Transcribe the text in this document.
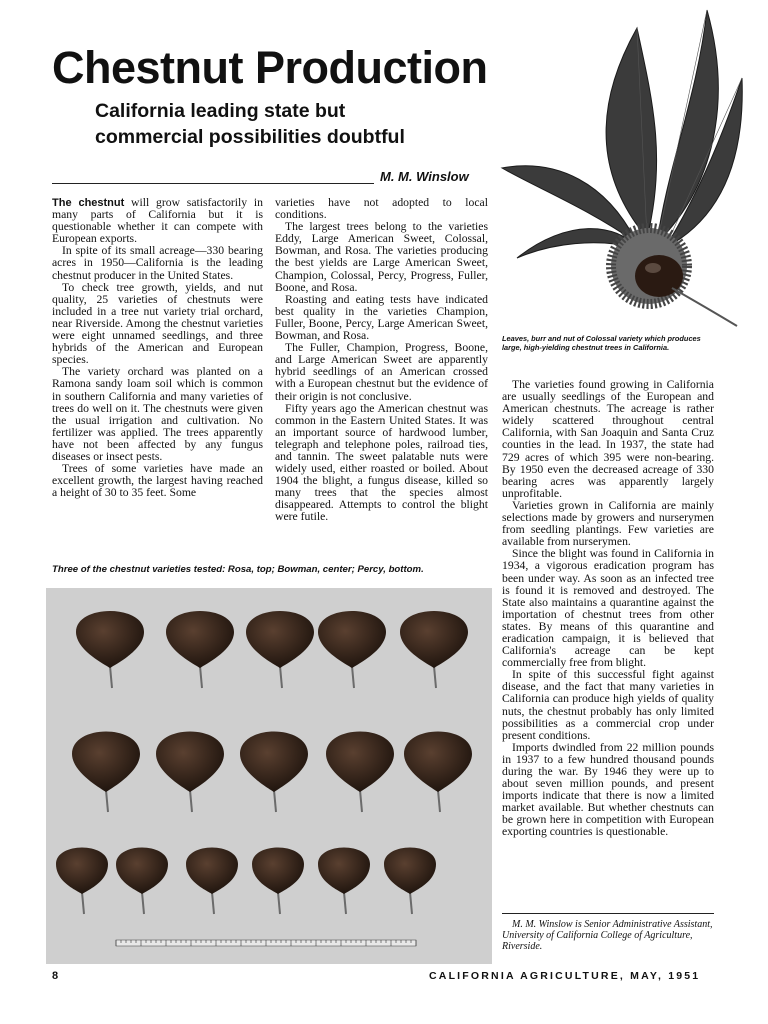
Chestnut Production
California leading state but
commercial possibilities doubtful
M. M. Winslow

The chestnut will grow satisfactorily in many parts of California but it is questionable whether it can compete with European exports.

In spite of its small acreage—330 bearing acres in 1950—California is the leading chestnut producer in the United States.

To check tree growth, yields, and nut quality, 25 varieties of chestnuts were included in a tree nut variety trial orchard, near Riverside. Among the chestnut varieties were eight unnamed seedlings, and three hybrids of the American and European species.

The variety orchard was planted on a Ramona sandy loam soil which is common in southern California and many varieties of trees do well on it. The chestnuts were given the usual irrigation and cultivation. No fertilizer was applied. The trees apparently have not been affected by any fungus diseases or insect pests.

Trees of some varieties have made an excellent growth, the largest having reached a height of 30 to 35 feet. Some

varieties have not adopted to local conditions.

The largest trees belong to the varieties Eddy, Large American Sweet, Colossal, Bowman, and Rosa. The varieties producing the best yields are Large American Sweet, Champion, Colossal, Percy, Progress, Fuller, Boone, and Rosa.

Roasting and eating tests have indicated best quality in the varieties Champion, Fuller, Boone, Percy, Large American Sweet, Bowman, and Rosa.

The Fuller, Champion, Progress, Boone, and Large American Sweet are apparently hybrid seedlings of an American crossed with a European chestnut but the evidence of their origin is not conclusive.

Fifty years ago the American chestnut was common in the Eastern United States. It was an important source of hardwood lumber, telegraph and telephone poles, railroad ties, and tannin. The sweet palatable nuts were widely used, either roasted or boiled. About 1904 the blight, a fungus disease, killed so many trees that the species almost disappeared. Attempts to control the blight were futile.

Leaves, burr and nut of Colossal variety which produces large, high-yielding chestnut trees in California.

The varieties found growing in California are usually seedlings of the European and American chestnuts. The acreage is rather widely scattered throughout central California, with San Joaquin and Santa Cruz counties in the lead. In 1937, the state had 729 acres of which 395 were non-bearing. By 1950 even the decreased acreage of 330 bearing acres was apparently largely unprofitable.

Varieties grown in California are mainly selections made by growers and nurserymen from seedling plantings. Few varieties are available from nurserymen.

Since the blight was found in California in 1934, a vigorous eradication program has been under way. As soon as an infected tree is found it is removed and destroyed. The State also maintains a quarantine against the importation of chestnut trees from other states. By means of this quarantine and eradication campaign, it is believed that California's acreage can be kept commercially free from blight.

In spite of this successful fight against disease, and the fact that many varieties in California can produce high yields of quality nuts, the chestnut probably has only limited possibilities as a commercial crop under present conditions.

Imports dwindled from 22 million pounds in 1937 to a few hundred thousand pounds during the war. By 1946 they were up to about seven million pounds, and present imports indicate that there is now a limited market available. But whether chestnuts can be grown here in competition with European exporting countries is questionable.

Three of the chestnut varieties tested: Rosa, top; Bowman, center; Percy, bottom.

M. M. Winslow is Senior Administrative Assistant, University of California College of Agriculture, Riverside.

8	CALIFORNIA AGRICULTURE, MAY, 1951
